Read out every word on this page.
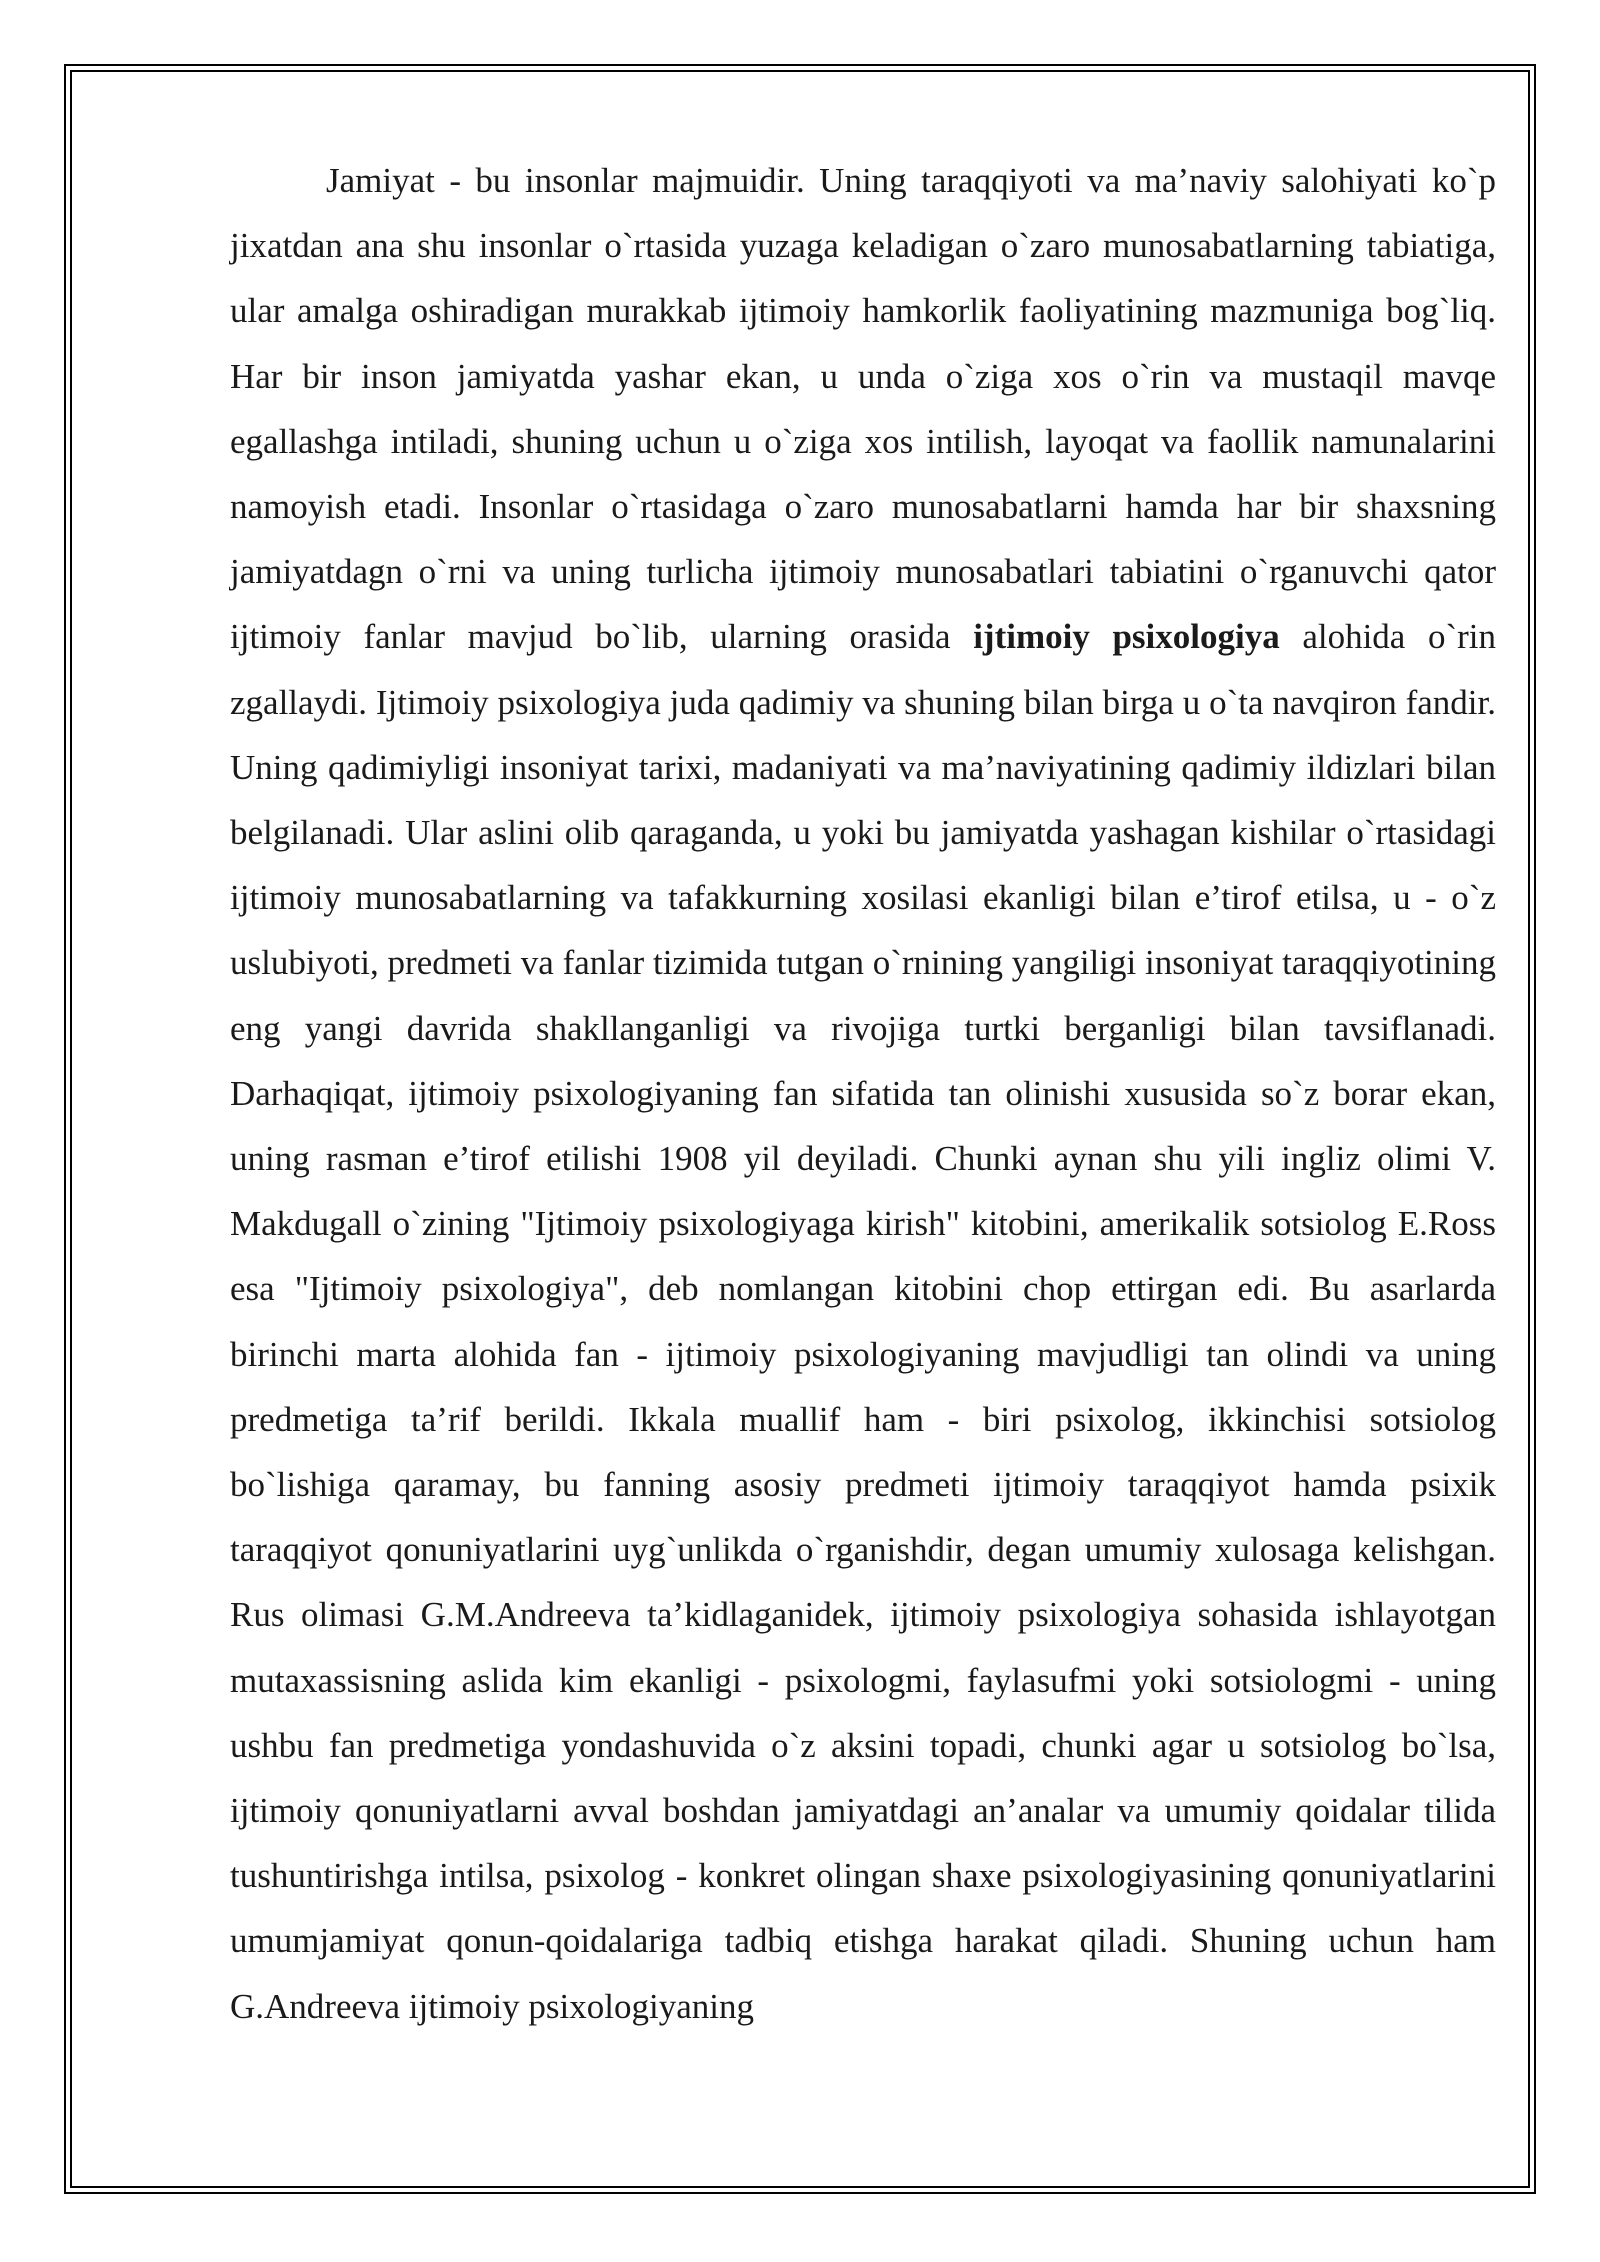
Jamiyat - bu insonlar majmuidir. Uning taraqqiyoti va ma’naviy salohiyati ko`p jixatdan ana shu insonlar o`rtasida yuzaga keladigan o`zaro munosabatlarning tabiatiga, ular amalga oshiradigan murakkab ijtimoiy hamkorlik faoliyatining mazmuniga bog`liq. Har bir inson jamiyatda yashar ekan, u unda o`ziga xos o`rin va mustaqil mavqe egallashga intiladi, shuning uchun u o`ziga xos intilish, layoqat va faollik namunalarini namoyish etadi. Insonlar o`rtasidaga o`zaro munosabatlarni hamda har bir shaxsning jamiyatdagn o`rni va uning turlicha ijtimoiy munosabatlari tabiatini o`rganuvchi qator ijtimoiy fanlar mavjud bo`lib, ularning orasida ijtimoiy psixologiya alohida o`rin zgallaydi. Ijtimoiy psixologiya juda qadimiy va shuning bilan birga u o`ta navqiron fandir. Uning qadimiyligi insoniyat tarixi, madaniyati va ma’naviyatining qadimiy ildizlari bilan belgilanadi. Ular aslini olib qaraganda, u yoki bu jamiyatda yashagan kishilar o`rtasidagi ijtimoiy munosabatlarning va tafakkurning xosilasi ekanligi bilan e’tirof etilsa, u - o`z uslubiyoti, predmeti va fanlar tizimida tutgan o`rnining yangiligi insoniyat taraqqiyotining eng yangi davrida shakllanganligi va rivojiga turtki berganligi bilan tavsiflanadi. Darhaqiqat, ijtimoiy psixologiyaning fan sifatida tan olinishi xususida so`z borar ekan, uning rasman e’tirof etilishi 1908 yil deyiladi. Chunki aynan shu yili ingliz olimi V. Makdugall o`zining "Ijtimoiy psixologiyaga kirish" kitobini, amerikalik sotsiolog E.Ross esa "Ijtimoiy psixologiya", deb nomlangan kitobini chop ettirgan edi. Bu asarlarda birinchi marta alohida fan - ijtimoiy psixologiyaning mavjudligi tan olindi va uning predmetiga ta’rif berildi. Ikkala muallif ham - biri psixolog, ikkinchisi sotsiolog bo`lishiga qaramay, bu fanning asosiy predmeti ijtimoiy taraqqiyot hamda psixik taraqqiyot qonuniyatlarini uyg`unlikda o`rganishdir, degan umumiy xulosaga kelishgan. Rus olimasi G.M.Andreeva ta’kidlaganidek, ijtimoiy psixologiya sohasida ishlayotgan mutaxassisning aslida kim ekanligi - psixologmi, faylasufmi yoki sotsiologmi - uning ushbu fan predmetiga yondashuvida o`z aksini topadi, chunki agar u sotsiolog bo`lsa, ijtimoiy qonuniyatlarni avval boshdan jamiyatdagi an’analar va umumiy qoidalar tilida tushuntirishga intilsa, psixolog - konkret olingan shaxe psixologiyasining qonuniyatlarini umumjamiyat qonun-qoidalariga tadbiq etishga harakat qiladi. Shuning uchun ham G.Andreeva ijtimoiy psixologiyaning
